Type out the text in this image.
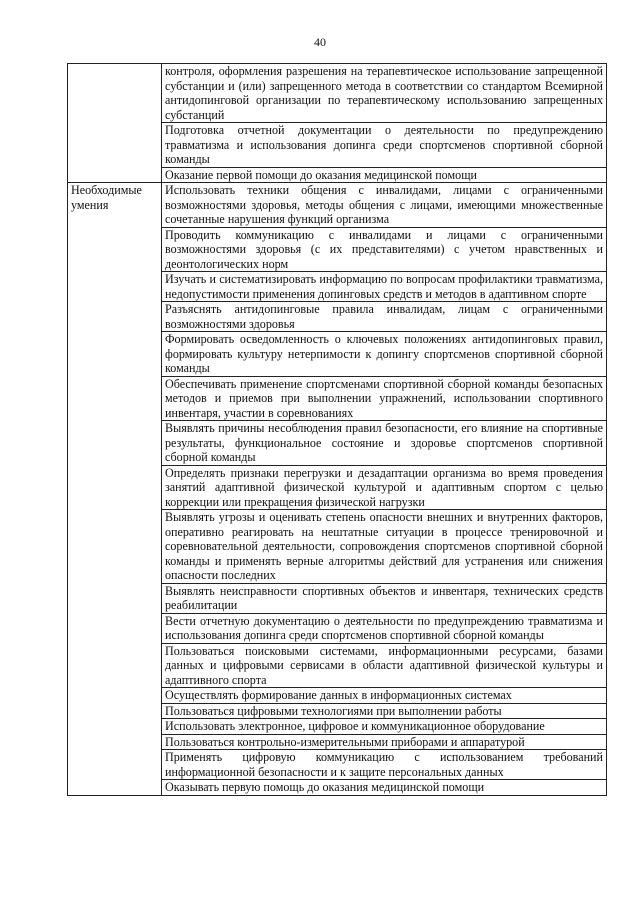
40
	контроля, оформления разрешения на терапевтическое использование запрещенной субстанции и (или) запрещенного метода в соответствии со стандартом Всемирной антидопинговой организации по терапевтическому использованию запрещенных субстанций
	Подготовка отчетной документации о деятельности по предупреждению травматизма и использования допинга среди спортсменов спортивной сборной команды
	Оказание первой помощи до оказания медицинской помощи
Необходимые умения	Использовать техники общения с инвалидами, лицами с ограниченными возможностями здоровья, методы общения с лицами, имеющими множественные сочетанные нарушения функций организма
	Проводить коммуникацию с инвалидами и лицами с ограниченными возможностями здоровья (с их представителями) с учетом нравственных и деонтологических норм
	Изучать и систематизировать информацию по вопросам профилактики травматизма, недопустимости применения допинговых средств и методов в адаптивном спорте
	Разъяснять антидопинговые правила инвалидам, лицам с ограниченными возможностями здоровья
	Формировать осведомленность о ключевых положениях антидопинговых правил, формировать культуру нетерпимости к допингу спортсменов спортивной сборной команды
	Обеспечивать применение спортсменами спортивной сборной команды безопасных методов и приемов при выполнении упражнений, использовании спортивного инвентаря, участии в соревнованиях
	Выявлять причины несоблюдения правил безопасности, его влияние на спортивные результаты, функциональное состояние и здоровье спортсменов спортивной сборной команды
	Определять признаки перегрузки и дезадаптации организма во время проведения занятий адаптивной физической культурой и адаптивным спортом с целью коррекции или прекращения физической нагрузки
	Выявлять угрозы и оценивать степень опасности внешних и внутренних факторов, оперативно реагировать на нештатные ситуации в процессе тренировочной и соревновательной деятельности, сопровождения спортсменов спортивной сборной команды и применять верные алгоритмы действий для устранения или снижения опасности последних
	Выявлять неисправности спортивных объектов и инвентаря, технических средств реабилитации
	Вести отчетную документацию о деятельности по предупреждению травматизма и использования допинга среди спортсменов спортивной сборной команды
	Пользоваться поисковыми системами, информационными ресурсами, базами данных и цифровыми сервисами в области адаптивной физической культуры и адаптивного спорта
	Осуществлять формирование данных в информационных системах
	Пользоваться цифровыми технологиями при выполнении работы
	Использовать электронное, цифровое и коммуникационное оборудование
	Пользоваться контрольно-измерительными приборами и аппаратурой
	Применять цифровую коммуникацию с использованием требований информационной безопасности и к защите персональных данных
	Оказывать первую помощь до оказания медицинской помощи
